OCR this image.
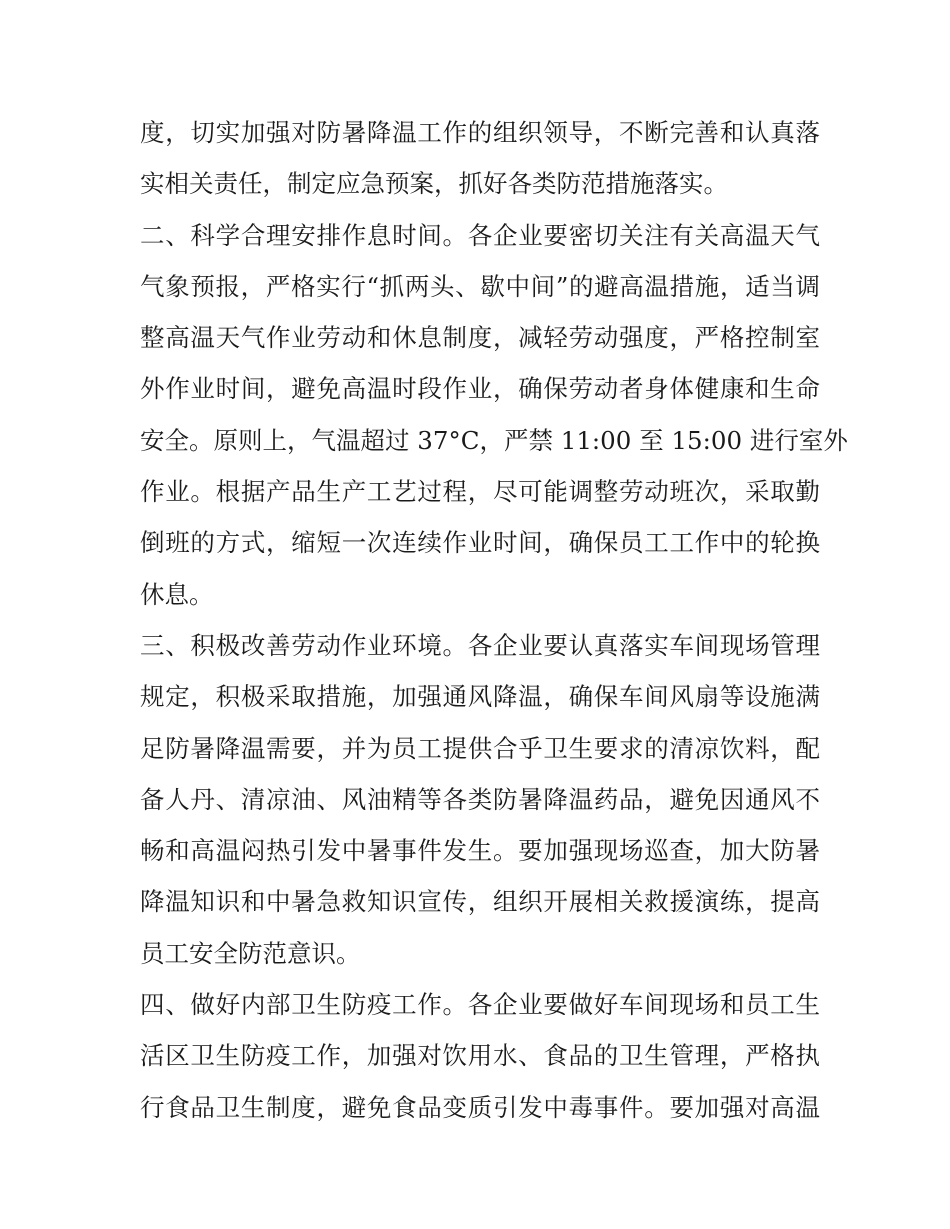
度，切实加强对防暑降温工作的组织领导，不断完善和认真落
实相关责任，制定应急预案，抓好各类防范措施落实。
二、科学合理安排作息时间。各企业要密切关注有关高温天气
气象预报，严格实行“抓两头、歇中间”的避高温措施，适当调
整高温天气作业劳动和休息制度，减轻劳动强度，严格控制室
外作业时间，避免高温时段作业，确保劳动者身体健康和生命
安全。原则上，气温超过 37°C，严禁 11:00 至 15:00 进行室外
作业。根据产品生产工艺过程，尽可能调整劳动班次，采取勤
倒班的方式，缩短一次连续作业时间，确保员工工作中的轮换
休息。
三、积极改善劳动作业环境。各企业要认真落实车间现场管理
规定，积极采取措施，加强通风降温，确保车间风扇等设施满
足防暑降温需要，并为员工提供合乎卫生要求的清凉饮料，配
备人丹、清凉油、风油精等各类防暑降温药品，避免因通风不
畅和高温闷热引发中暑事件发生。要加强现场巡查，加大防暑
降温知识和中暑急救知识宣传，组织开展相关救援演练，提高
员工安全防范意识。
四、做好内部卫生防疫工作。各企业要做好车间现场和员工生
活区卫生防疫工作，加强对饮用水、食品的卫生管理，严格执
行食品卫生制度，避免食品变质引发中毒事件。要加强对高温
